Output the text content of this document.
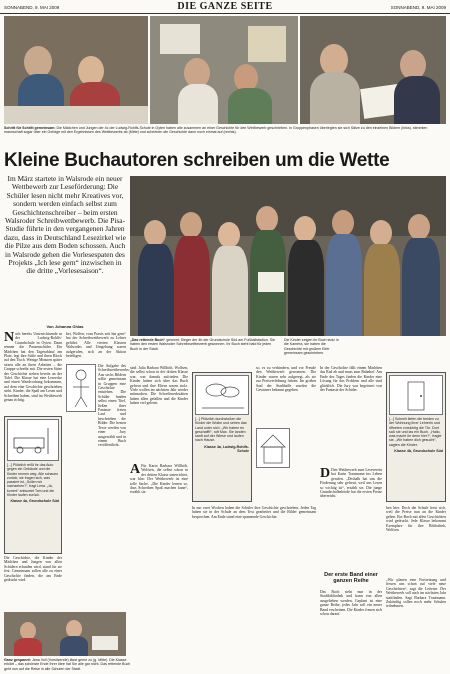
SONNABEND, 9. MAI 2009	DIE GANZE SEITE	SONNABEND, 9. MAI 2009
Schritt für Schritt gemeinsam: Die Mädchen und Jungen der 4c der Ludwig-Rohlfs-Schule in Oyten haben alle zusammen an einer Geschichte für den Wettbewerb geschrieben. In Gruppenphasen überlegten sie sich Sätze zu den einzelnen Bildern (links), stimmten mannschaft sogar über ein Gefolge mit den Ergebnissen des Wettbewerbs ab (Mitte) und schrieben die Geschichte dann noch einmal auf (rechts).
Kleine Buchautoren schreiben um die Wette
Im März startete in Walsrode ein neuer Wettbewerb zur Leseförderung: Die Schüler lesen nicht mehr Kreatives vor, sondern werden einfach selbst zum Geschichtenschreiber – beim ersten Walsroder Schreibwettbewerb. Die Pisa-Studie führte in den vergangenen Jahren dazu, dass in Deutschland Lesezirkel wie die Pilze aus dem Boden schossen. Auch in Walsrode gehen die Vorlesespaten des Projekts „Ich lese gern“ inzwischen in die dritte „Vorlesesaison“.
Von Johanna Ohlas
Nach bereits Unterrichtsende in der Ludwig-Rohlfs-Grundschule in Oyten. Dann rennen die Pausenschüler. Ein Mädchen hat den Tagesablauf am Platz, legt ihre Stifte und ihren Block auf den Tisch. Wenige Minuten später sitzen alle an ihren Arbeiten – die Gruppe schreibt mit. Die ersten Sätze der Geschichte stehen bereits an der Tafel. Die Klasse hat eine Leseecke und einen Wandvorhang bekommen, auf dem eine Geschichte geschrieben steht. Kinder, die Spaß am Lesen und Schreiben haben, sind im Wettbewerb genau richtig.
[...] Plötzlich reißt ihr das Auto gegen ein Gebäude und die Kinder rennen weg. Alle schauen zurück, sie fragen sich, was passiert ist. „Sollen wir nachsehen?“, fragt Lena. „Ja, komm!“ antwortet Tom und die Kinder laufen zurück.
Klasse 4a, Grundschule Süd
Die Geschichte, die Kinder der Mädchen und Jungen von allen Schülern erfunden wird, stand für sie fest: Gemeinsam sollen alle zu einer Geschichte finden, die am Ende gedruckt wird.
bei, Wolfen, vom Praxis zeit hin gern“ hat der Schreibwettbewerb zu Lehrer geführt. Alle vierten Klassen Walsrodes und Umgebung waren aufgerufen, sich an der Aktion beteiligen.
Die Aufgabe des Schreibwettbewerbs: Aus sechs Bildern sollte gemeinsam in Gruppen eine Geschichte entstehen. Die Schüler fanden selbst einen Titel, ließen ihrer Fantasie freien Lauf und beschrieben die Bilder. Die besten Texte werden von einer Jury ausgewählt und in einem Buch veröffentlicht.
Ganz gespannt: Jana Voll (Vorsitzende) lässt gerne zu (g. Mitte). Die Klasse erklärt – das schönste Ende Ihrer Idee hat Sie alle gar nicht. Das rettende Buch geht nun auf die Reise in alle Schulen der Stadt.
„Das rettende Buch“ gewinnt: Sieger der 4b der Grundschule Süd am Fußballstadion. Sie haben den ersten Walsroder Schreibwettbewerb gewonnen. Ihr Buch steht bald für jeden Buch in der Stadt.
Die Kinder zeigen ihr Buch stolz in die Kamera, sie haben die Geschichte mit großem Eifer gemeinsam geschrieben.
sind. Julia Barbara Willhöft, Wolfsen, die selbst schon in der dritten Klasse war, war damals zufrieden. Die Kinder haben sich über das Buch gefreut und ihre Eltern waren stolz. Viele wollen im nächsten Jahr wieder mitmachen. Die Schreibwerkstätten haben allen gefallen und die Kinder haben viel gelernt.
A Für Karin Barbara Willhöft, Wolfsen, die selbst schon in der dritten Klasse unterrichtet, war klar: Der Wettbewerb ist eine tolle Sache. „Die Kinder lernen so, dass Schreiben Spaß machen kann“, erzählt sie.
[...] Plötzlich durchstoßen die Kinder die Wolke und sehen das Land unter sich. „Wir haben es geschafft!“, ruft Max. Sie landen sanft auf der Wiese und laufen nach Hause.
Klasse 4a, Ludwig-Rohlfs-Schule
so, es zu verhindern, und vor Freude den Wettbewerb gewonnen. Die Kinder waren sehr aufgeregt, als sie zur Preisverleihung fuhren. Im großen Saal der Stadthalle wurden die Gewinner bekannt gegeben.
In nur zwei Wochen haben die Schüler ihre Geschichte geschrieben. Jeden Tag haben sie in der Schule an dem Text gearbeitet und die Bilder gemeinsam besprochen. Am Ende stand eine spannende Geschichte.
In der Geschichte fällt einem Mädchen das Rad ab und muss zum Bahnhof. Am Ende des Tages finden die Kinder eine Lösung für das Problem und alle sind glücklich. Die Jury war begeistert von der Fantasie der Schüler.
D Den Wettbewerb zum Leseverein hat Karin Trautmann ins Leben gerufen. „Deshalb hat uns die Förderung sehr gefreut, weil uns Lesen so wichtig ist“, erzählt sie. Die junge Grundschulbehörde hat die ersten Preise überreicht.
Der erste Band einer ganzen Reihe
Das Buch steht nun in der Stadtbibliothek und kann von allen ausgeliehen werden. Geplant ist eine ganze Reihe, jedes Jahr soll ein neuer Band erscheinen. Die Kinder freuen sich schon darauf.
[...] Schnell liefen die beiden zu der Wohnung ihrer Lehrerin und öffneten vorsichtig die Tür. Dort saß sie und las ein Buch. „Hallo, was macht ihr denn hier?“, fragte sie. „Wir haben dich gesucht“, sagten die Kinder.
Klasse 4b, Grundschule Süd
ben hier. Doch die Schule freut sich, weil die Preise nun an die Kinder gehen. Ein Buch mit allen Geschichten wird gedruckt. Jede Klasse bekommt Exemplare für ihre Bibliothek, Wolfsen.
„Wir planen eine Fortsetzung und freuen uns schon auf viele neue Geschichten“, sagt die Leiterin. Der Wettbewerb soll auch im nächsten Jahr stattfinden. Sagt Barbara Trautmann. Zukünftig sollen noch mehr Schulen teilnehmen.
